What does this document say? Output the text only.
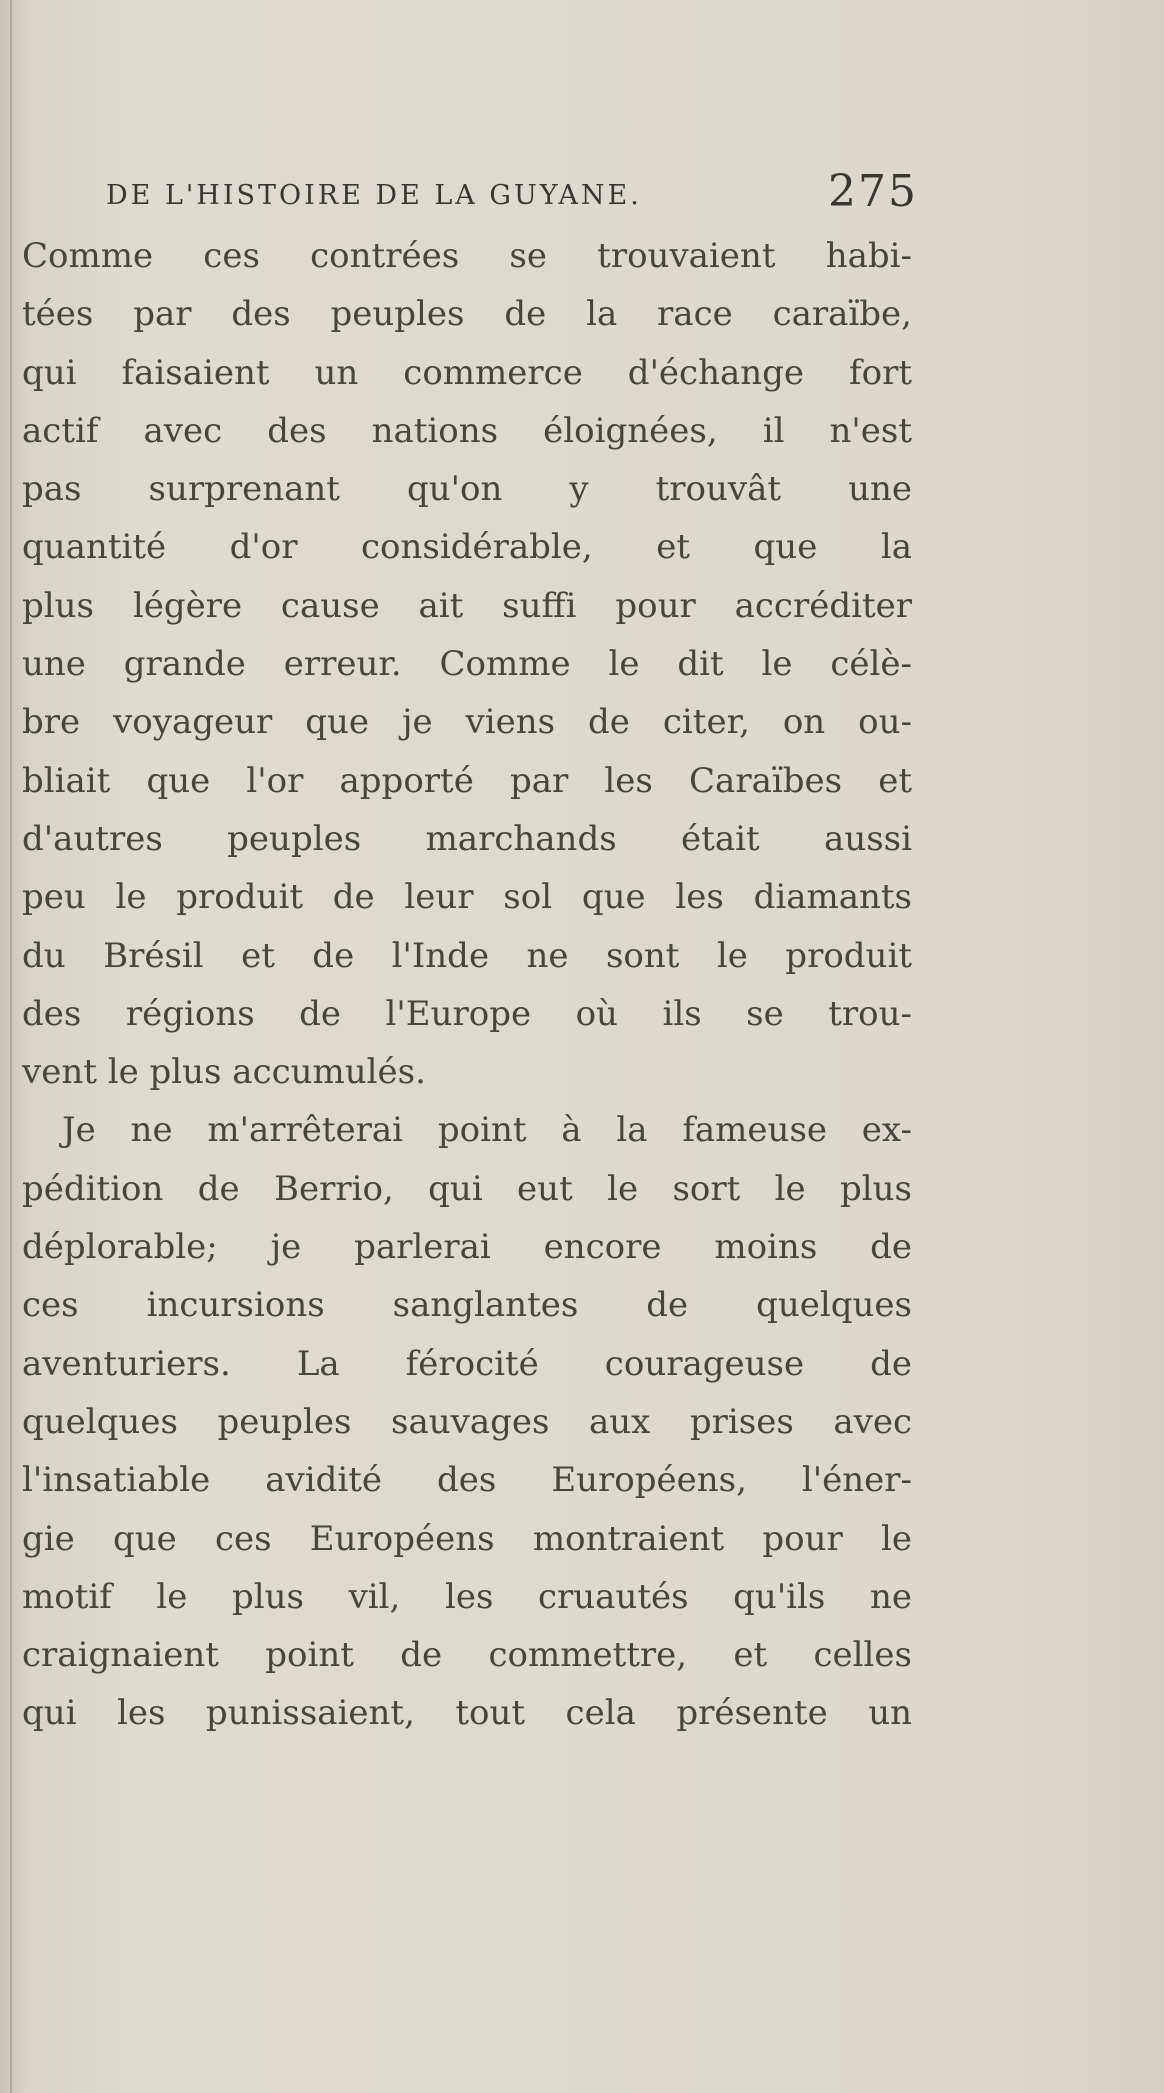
DE L'HISTOIRE DE LA GUYANE.	275
Comme ces contrées se trouvaient habi-
tées par des peuples de la race caraïbe,
qui faisaient un commerce d'échange fort
actif avec des nations éloignées, il n'est
pas surprenant qu'on y trouvât une
quantité d'or considérable, et que la
plus légère cause ait suffi pour accréditer
une grande erreur. Comme le dit le célè-
bre voyageur que je viens de citer, on ou-
bliait que l'or apporté par les Caraïbes et
d'autres peuples marchands était aussi
peu le produit de leur sol que les diamants
du Brésil et de l'Inde ne sont le produit
des régions de l'Europe où ils se trou-
vent le plus accumulés.
Je ne m'arrêterai point à la fameuse ex-
pédition de Berrio, qui eut le sort le plus
déplorable; je parlerai encore moins de
ces incursions sanglantes de quelques
aventuriers. La férocité courageuse de
quelques peuples sauvages aux prises avec
l'insatiable avidité des Européens, l'éner-
gie que ces Européens montraient pour le
motif le plus vil, les cruautés qu'ils ne
craignaient point de commettre, et celles
qui les punissaient, tout cela présente un
